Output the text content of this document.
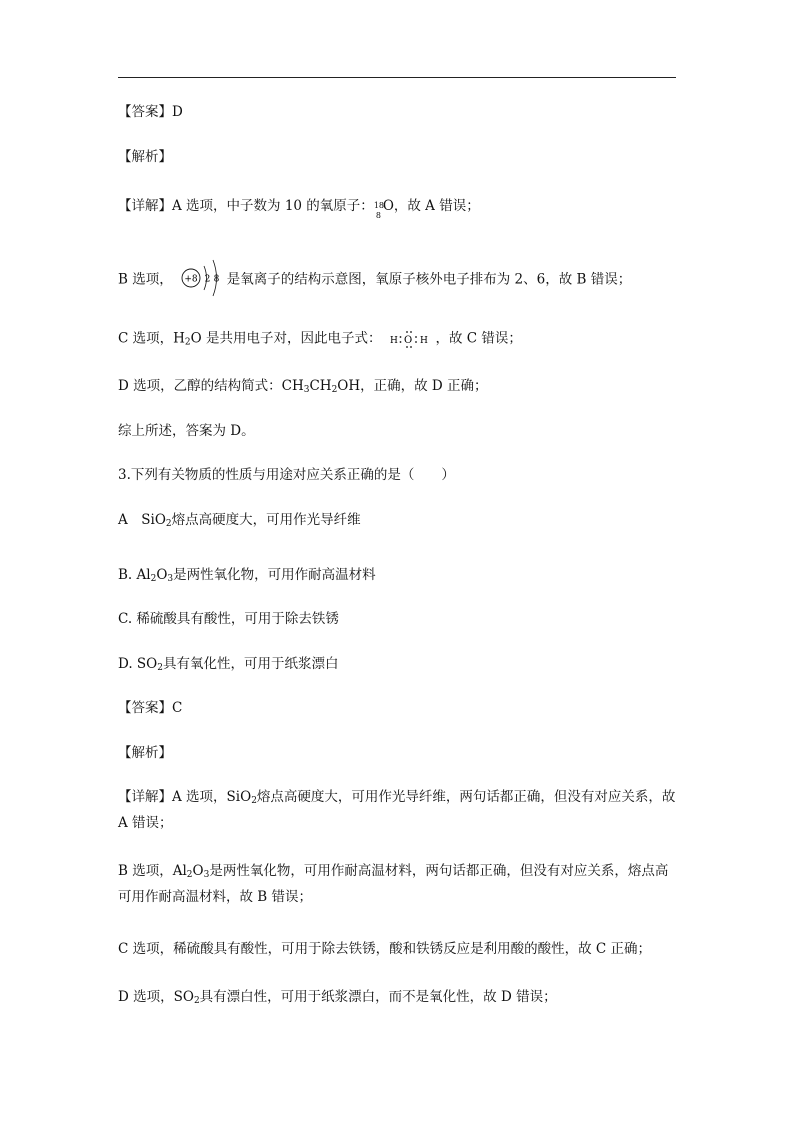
【答案】D
【解析】
【详解】A 选项，中子数为 10 的氧原子： 18
8
O，故 A 错误；
B 选项， +8 2 8 是氧离子的结构示意图，氧原子核外电子排布为 2、6，故 B 错误；
C 选项，$H_2O$ 是共用电子对，因此电子式： H O H ，故 C 错误；
D 选项，乙醇的结构简式：$CH_3CH_2OH$，正确，故 D 正确；
综上所述，答案为 D。
3.下列有关物质的性质与用途对应关系正确的是（　　）
A　SiO$_2$熔点高硬度大，可用作光导纤维
B. $Al_2O_3$是两性氧化物，可用作耐高温材料
C. 稀硫酸具有酸性，可用于除去铁锈
D. $SO_2$具有氧化性，可用于纸浆漂白
【答案】C
【解析】
【详解】A 选项，SiO$_2$熔点高硬度大，可用作光导纤维，两句话都正确，但没有对应关系，故 A 错误；
B 选项，$Al_2O_3$是两性氧化物，可用作耐高温材料，两句话都正确，但没有对应关系，熔点高可用作耐高温材料，故 B 错误；
C 选项，稀硫酸具有酸性，可用于除去铁锈，酸和铁锈反应是利用酸的酸性，故 C 正确；
D 选项，$SO_2$具有漂白性，可用于纸浆漂白，而不是氧化性，故 D 错误；
